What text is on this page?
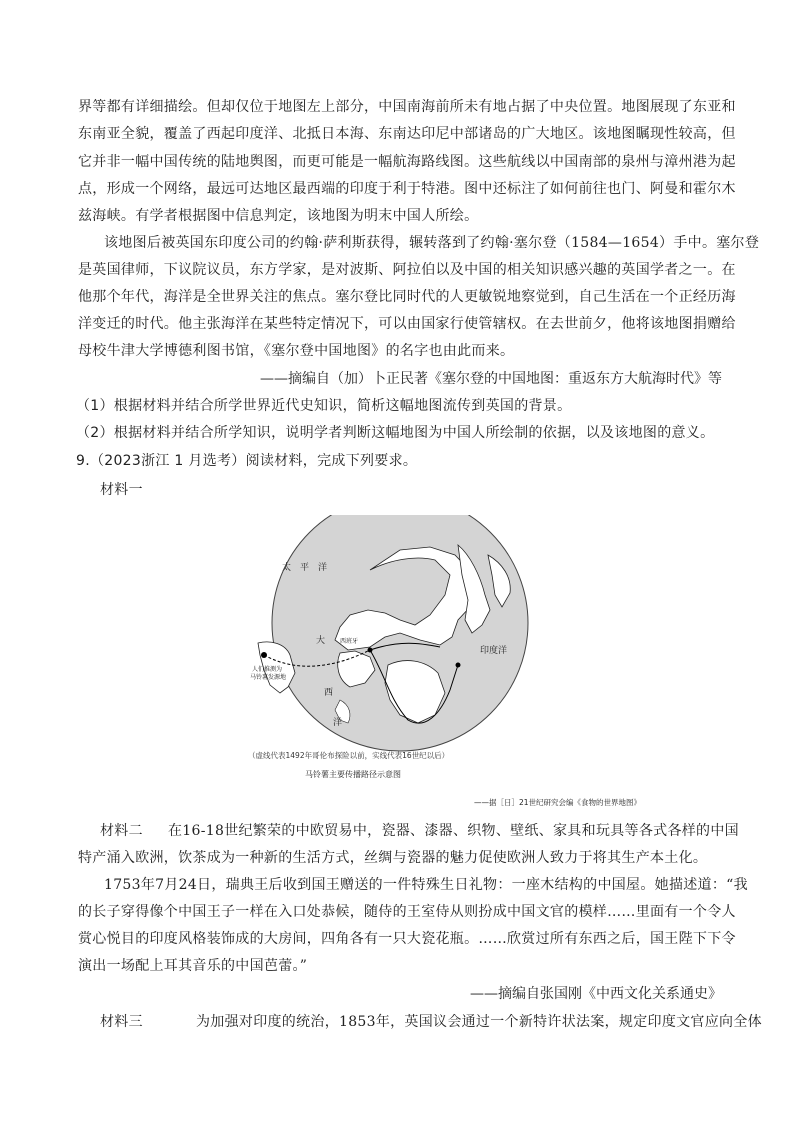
界等都有详细描绘。但却仅位于地图左上部分，中国南海前所未有地占据了中央位置。地图展现了东亚和
东南亚全貌，覆盖了西起印度洋、北抵日本海、东南达印尼中部诸岛的广大地区。该地图瞩现性较高，但
它并非一幅中国传统的陆地舆图，而更可能是一幅航海路线图。这些航线以中国南部的泉州与漳州港为起
点，形成一个网络，最远可达地区最西端的印度于利于特港。图中还标注了如何前往也门、阿曼和霍尔木
兹海峡。有学者根据图中信息判定，该地图为明末中国人所绘。
该地图后被英国东印度公司的约翰·萨利斯获得，辗转落到了约翰·塞尔登（1584—1654）手中。塞尔登
是英国律师，下议院议员，东方学家，是对波斯、阿拉伯以及中国的相关知识感兴趣的英国学者之一。在
他那个年代，海洋是全世界关注的焦点。塞尔登比同时代的人更敏锐地察觉到，自己生活在一个正经历海
洋变迁的时代。他主张海洋在某些特定情况下，可以由国家行使管辖权。在去世前夕，他将该地图捐赠给
母校牛津大学博德利图书馆，《塞尔登中国地图》的名字也由此而来。
——摘编自（加）卜正民著《塞尔登的中国地图：重返东方大航海时代》等
（1）根据材料并结合所学世界近代史知识，简析这幅地图流传到英国的背景。
（2）根据材料并结合所学知识，说明学者判断这幅地图为中国人所绘制的依据，以及该地图的意义。
9.（2023浙江 1 月选考）阅读材料，完成下列要求。
材料一
太　平　洋
印度洋
大
西
洋
人们推测为
马铃薯发源地
西班牙
（虚线代表1492年哥伦布探险以前，实线代表16世纪以后）
马铃薯主要传播路径示意图
——据［日］21世纪研究会编《食物的世界地图》
材料二 在16-18世纪繁荣的中欧贸易中，瓷器、漆器、织物、壁纸、家具和玩具等各式各样的中国
特产涌入欧洲，饮茶成为一种新的生活方式，丝绸与瓷器的魅力促使欧洲人致力于将其生产本土化。
1753年7月24日，瑞典王后收到国王赠送的一件特殊生日礼物：一座木结构的中国屋。她描述道：“我
的长子穿得像个中国王子一样在入口处恭候，随侍的王室侍从则扮成中国文官的模样……里面有一个令人
赏心悦目的印度风格装饰成的大房间，四角各有一只大瓷花瓶。……欣赏过所有东西之后，国王陛下下令
演出一场配上耳其音乐的中国芭蕾。”
——摘编自张国刚《中西文化关系通史》
材料三	为加强对印度的统治，1853年，英国议会通过一个新特许状法案，规定印度文官应向全体
